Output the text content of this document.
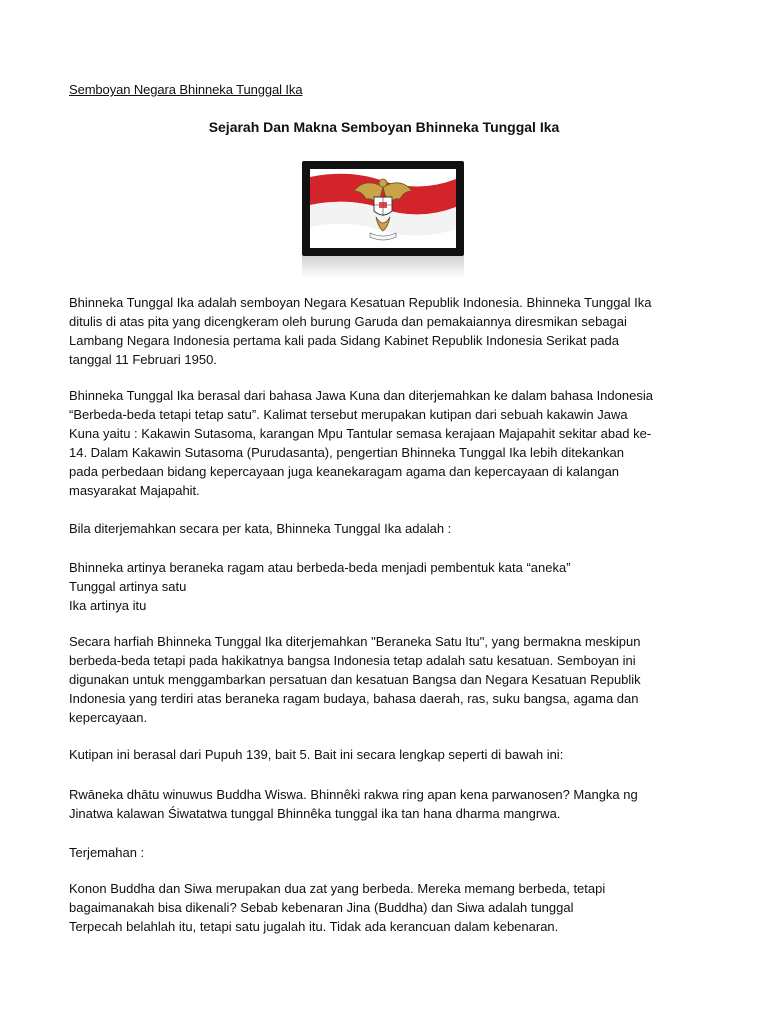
Semboyan Negara Bhinneka Tunggal Ika
Sejarah Dan Makna Semboyan Bhinneka Tunggal Ika

Bhinneka Tunggal Ika adalah semboyan Negara Kesatuan Republik Indonesia. Bhinneka Tunggal Ika

ditulis di atas pita yang dicengkeram oleh burung Garuda dan pemakaiannya diresmikan sebagai

Lambang Negara Indonesia pertama kali pada Sidang Kabinet Republik Indonesia Serikat pada

tanggal 11 Februari 1950.

Bhinneka Tunggal Ika berasal dari bahasa Jawa Kuna dan diterjemahkan ke dalam bahasa Indonesia

“Berbeda-beda tetapi tetap satu”. Kalimat tersebut merupakan kutipan dari sebuah kakawin Jawa

Kuna yaitu : Kakawin Sutasoma, karangan Mpu Tantular semasa kerajaan Majapahit sekitar abad ke-

14. Dalam Kakawin Sutasoma (Purudasanta), pengertian Bhinneka Tunggal Ika lebih ditekankan

pada perbedaan bidang kepercayaan juga keanekaragam agama dan kepercayaan di kalangan

masyarakat Majapahit.

Bila diterjemahkan secara per kata, Bhinneka Tunggal Ika adalah :

Bhinneka artinya beraneka ragam atau berbeda-beda menjadi pembentuk kata “aneka”

Tunggal artinya satu

Ika artinya itu

Secara harfiah Bhinneka Tunggal Ika diterjemahkan "Beraneka Satu Itu", yang bermakna meskipun

berbeda-beda tetapi pada hakikatnya bangsa Indonesia tetap adalah satu kesatuan. Semboyan ini

digunakan untuk menggambarkan persatuan dan kesatuan Bangsa dan Negara Kesatuan Republik

Indonesia yang terdiri atas beraneka ragam budaya, bahasa daerah, ras, suku bangsa, agama dan

kepercayaan.

Kutipan ini berasal dari Pupuh 139, bait 5. Bait ini secara lengkap seperti di bawah ini:

Rwāneka dhātu winuwus Buddha Wiswa. Bhinnêki rakwa ring apan kena parwanosen? Mangka ng

Jinatwa kalawan Śiwatatwa tunggal Bhinnêka tunggal ika tan hana dharma mangrwa.

Terjemahan :

Konon Buddha dan Siwa merupakan dua zat yang berbeda. Mereka memang berbeda, tetapi

bagaimanakah bisa dikenali? Sebab kebenaran Jina (Buddha) dan Siwa adalah tunggal

Terpecah belahlah itu, tetapi satu jugalah itu. Tidak ada kerancuan dalam kebenaran.
